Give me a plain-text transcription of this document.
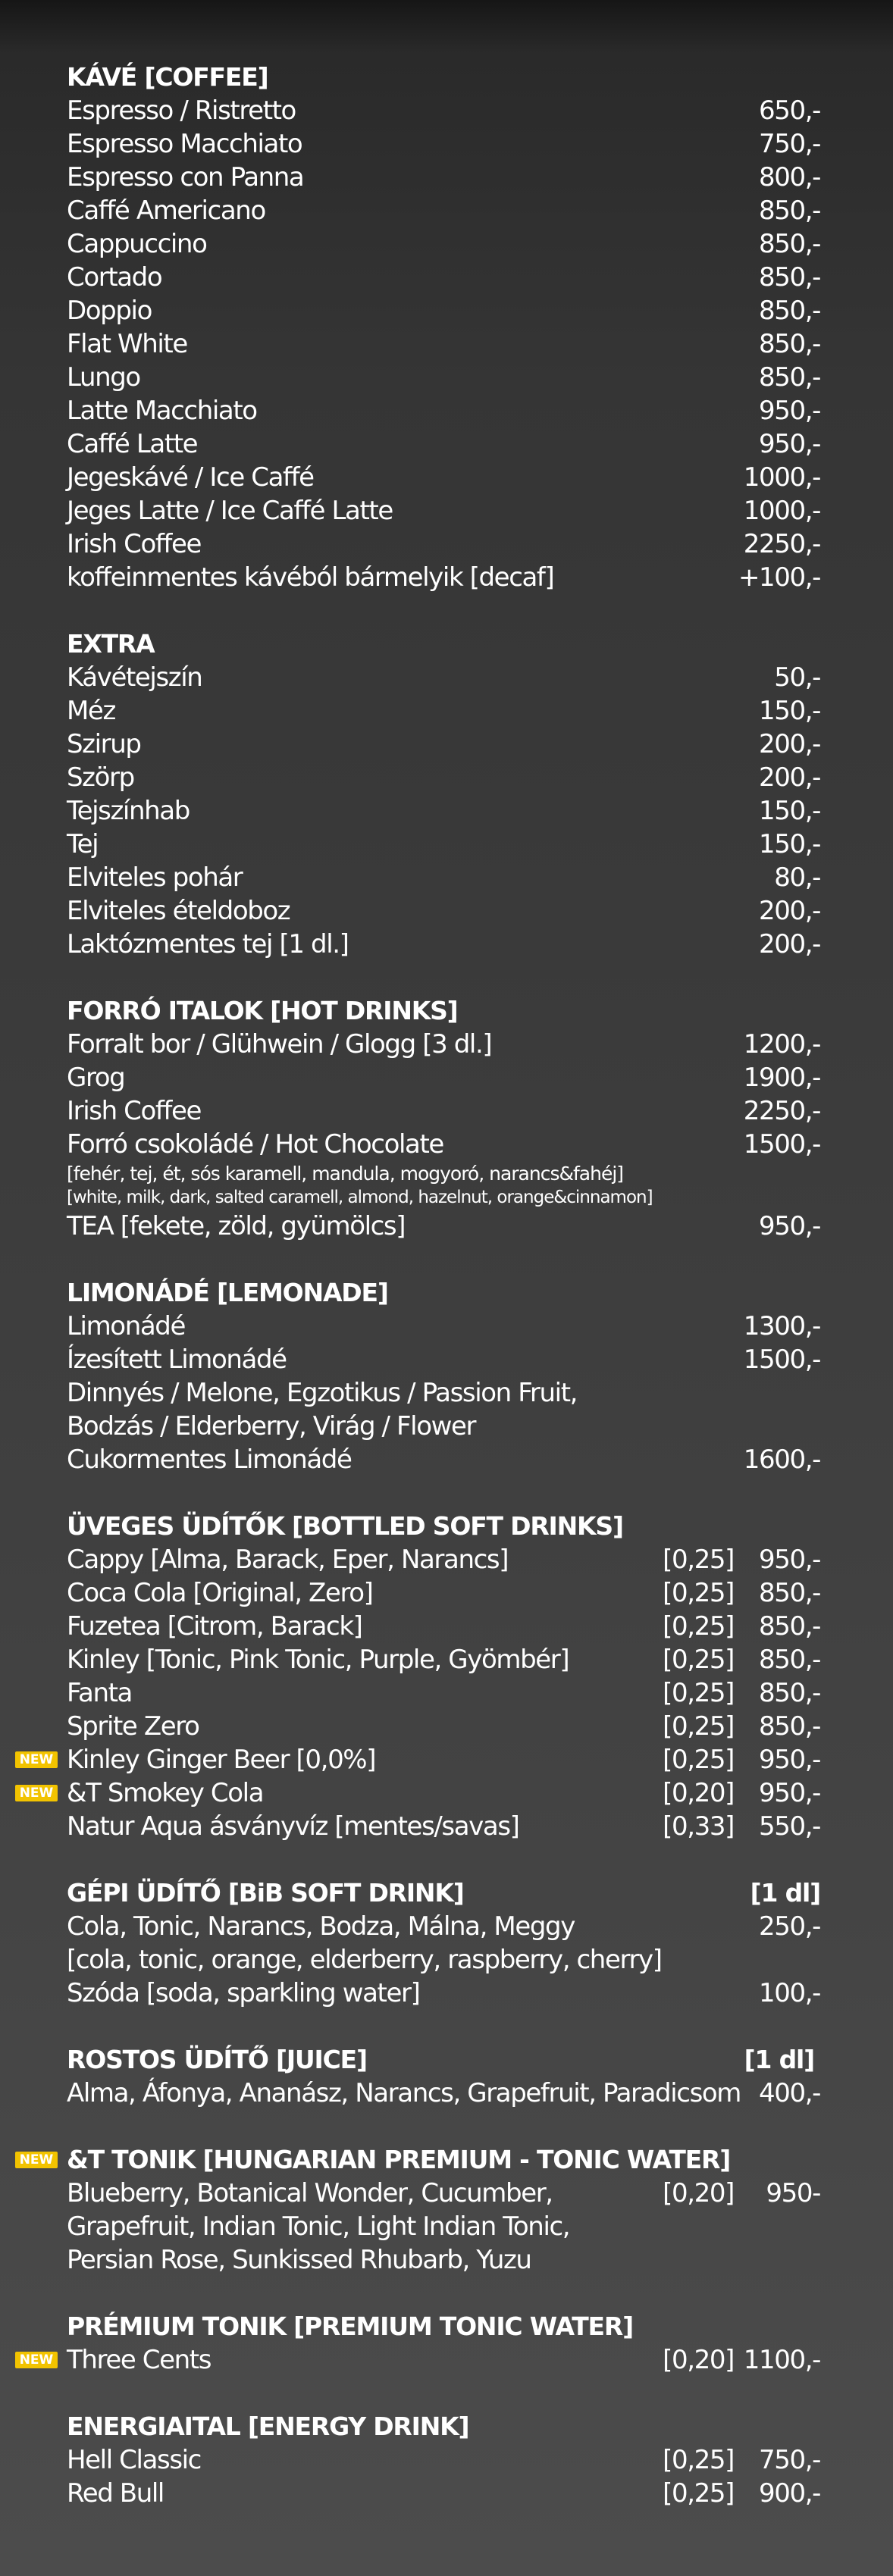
KÁVÉ [COFFEE]
Espresso / Ristretto	650,-
Espresso Macchiato	750,-
Espresso con Panna	800,-
Caffé Americano	850,-
Cappuccino	850,-
Cortado	850,-
Doppio	850,-
Flat White	850,-
Lungo	850,-
Latte Macchiato	950,-
Caffé Latte	950,-
Jegeskávé / Ice Caffé	1000,-
Jeges Latte / Ice Caffé Latte	1000,-
Irish Coffee	2250,-
koffeinmentes kávéból bármelyik [decaf]	+100,-
EXTRA
Kávétejszín	50,-
Méz	150,-
Szirup	200,-
Szörp	200,-
Tejszínhab	150,-
Tej	150,-
Elviteles pohár	80,-
Elviteles ételdoboz	200,-
Laktózmentes tej [1 dl.]	200,-
FORRÓ ITALOK [HOT DRINKS]
Forralt bor / Glühwein / Glogg [3 dl.]	1200,-
Grog	1900,-
Irish Coffee	2250,-
Forró csokoládé / Hot Chocolate	1500,-
[fehér, tej, ét, sós karamell, mandula, mogyoró, narancs&fahéj]
[white, milk, dark, salted caramell, almond, hazelnut, orange&cinnamon]
TEA [fekete, zöld, gyümölcs]	950,-
LIMONÁDÉ [LEMONADE]
Limonádé	1300,-
Ízesített Limonádé	1500,-
Dinnyés / Melone, Egzotikus / Passion Fruit,
Bodzás / Elderberry, Virág / Flower
Cukormentes Limonádé	1600,-
ÜVEGES ÜDÍTŐK [BOTTLED SOFT DRINKS]
Cappy [Alma, Barack, Eper, Narancs]	[0,25] 950,-
Coca Cola [Original, Zero]	[0,25] 850,-
Fuzetea [Citrom, Barack]	[0,25] 850,-
Kinley [Tonic, Pink Tonic, Purple, Gyömbér]	[0,25] 850,-
Fanta	[0,25] 850,-
Sprite Zero	[0,25] 850,-
NEW Kinley Ginger Beer [0,0%]	[0,25] 950,-
NEW &T Smokey Cola	[0,20] 950,-
Natur Aqua ásványvíz [mentes/savas]	[0,33] 550,-
GÉPI ÜDÍTŐ [BiB SOFT DRINK]	[1 dl]
Cola, Tonic, Narancs, Bodza, Málna, Meggy	250,-
[cola, tonic, orange, elderberry, raspberry, cherry]
Szóda [soda, sparkling water]	100,-
ROSTOS ÜDÍTŐ [JUICE]	[1 dl]
Alma, Áfonya, Ananász, Narancs, Grapefruit, Paradicsom 400,-
NEW &T TONIK [HUNGARIAN PREMIUM - TONIC WATER]
Blueberry, Botanical Wonder, Cucumber,	[0,20] 950-
Grapefruit, Indian Tonic, Light Indian Tonic,
Persian Rose, Sunkissed Rhubarb, Yuzu
PRÉMIUM TONIK [PREMIUM TONIC WATER]
NEW Three Cents	[0,20] 1100,-
ENERGIAITAL [ENERGY DRINK]
Hell Classic	[0,25] 750,-
Red Bull	[0,25] 900,-
